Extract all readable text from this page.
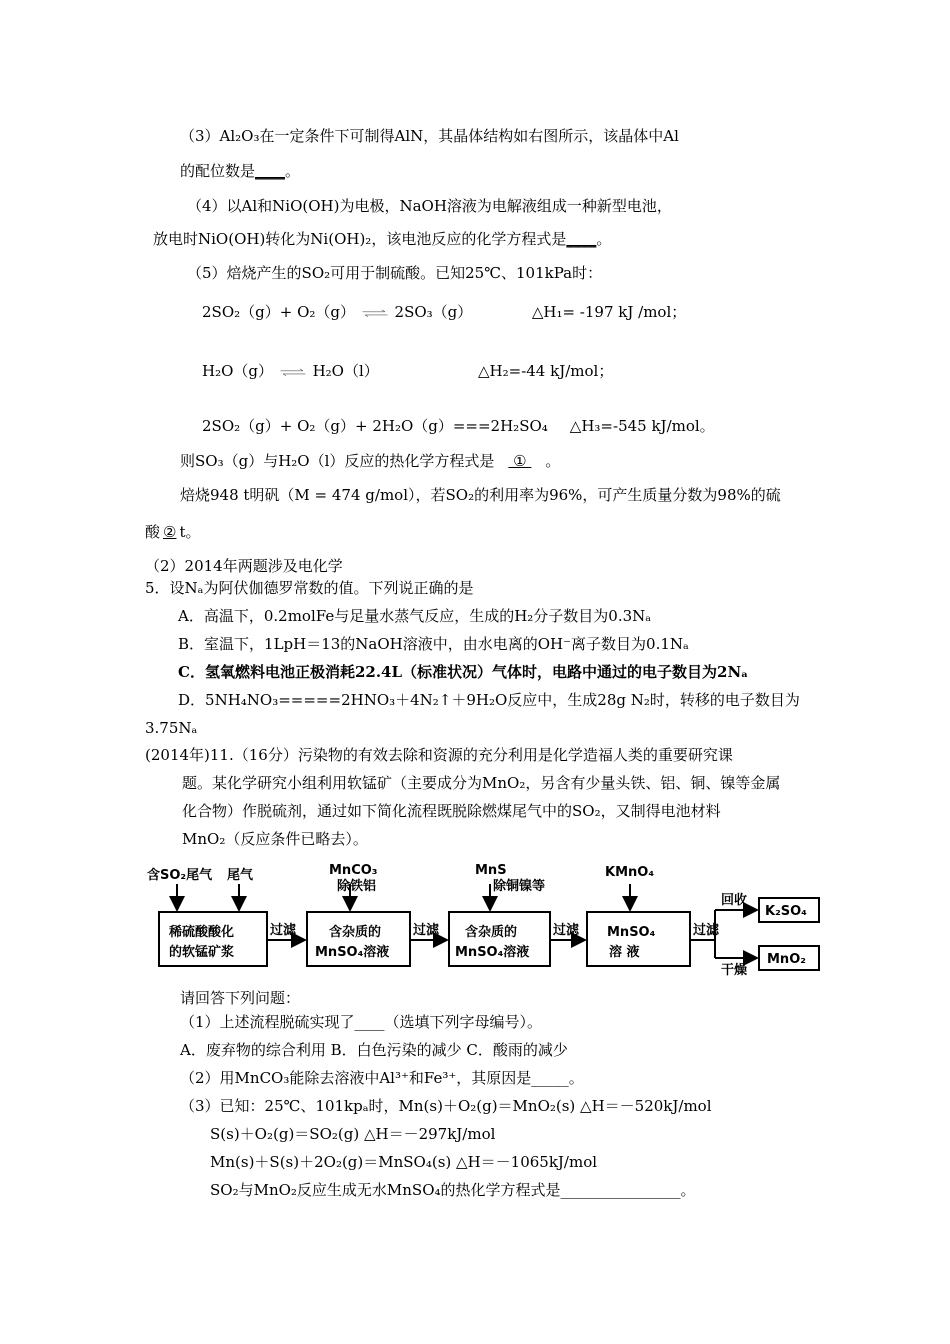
（3）Al₂O₃在一定条件下可制得AlN，其晶体结构如右图所示，该晶体中Al
的配位数是____。
（4）以Al和NiO(OH)为电极，NaOH溶液为电解液组成一种新型电池，
放电时NiO(OH)转化为Ni(OH)₂，该电池反应的化学方程式是____。
（5）焙烧产生的SO₂可用于制硫酸。已知25℃、101kPa时：
2SO₂（g）+ O₂（g） ⇌ 2SO₃（g）	△H₁= -197 kJ /mol；
H₂O（g） ⇌ H₂O（l）	△H₂=-44 kJ/mol；
2SO₂（g）+ O₂（g）+ 2H₂O（g）===2H₂SO₄ △H₃=-545 kJ/mol。
则SO₃（g）与H₂O（l）反应的热化学方程式是 ① 。
焙烧948 t明矾（M = 474 g/mol），若SO₂的利用率为96%，可产生质量分数为98%的硫
酸 ② t。
（2）2014年两题涉及电化学
5．设Nₐ为阿伏伽德罗常数的值。下列说正确的是
A．高温下，0.2molFe与足量水蒸气反应，生成的H₂分子数目为0.3Nₐ
B．室温下，1LpH＝13的NaOH溶液中，由水电离的OH⁻离子数目为0.1Nₐ
C．氢氧燃料电池正极消耗22.4L（标准状况）气体时，电路中通过的电子数目为2Nₐ
D．5NH₄NO₃=====2HNO₃＋4N₂↑＋9H₂O反应中，生成28g N₂时，转移的电子数目为
3.75Nₐ
(2014年)11.（16分）污染物的有效去除和资源的充分利用是化学造福人类的重要研究课
题。某化学研究小组利用软锰矿（主要成分为MnO₂，另含有少量头铁、铝、铜、镍等金属
化合物）作脱硫剂，通过如下简化流程既脱除燃煤尾气中的SO₂，又制得电池材料
MnO₂（反应条件已略去）。
含SO₂尾气 尾气
稀硫酸酸化
的软锰矿浆
MnCO₃
除铁铝
含杂质的
MnSO₄溶液
MnS
除铜镍等
含杂质的
MnSO₄溶液
KMnO₄
MnSO₄
溶 液
过滤	过滤	过滤	过滤
回收
干燥
K₂SO₄
MnO₂
请回答下列问题：
（1）上述流程脱硫实现了____（选填下列字母编号）。
A．废弃物的综合利用 B．白色污染的减少 C．酸雨的减少
（2）用MnCO₃能除去溶液中Al³⁺和Fe³⁺，其原因是_____。
（3）已知：25℃、101kpₐ时，Mn(s)＋O₂(g)＝MnO₂(s) △H＝－520kJ/mol
S(s)＋O₂(g)＝SO₂(g) △H＝－297kJ/mol
Mn(s)＋S(s)＋2O₂(g)＝MnSO₄(s) △H＝－1065kJ/mol
SO₂与MnO₂反应生成无水MnSO₄的热化学方程式是________________。
